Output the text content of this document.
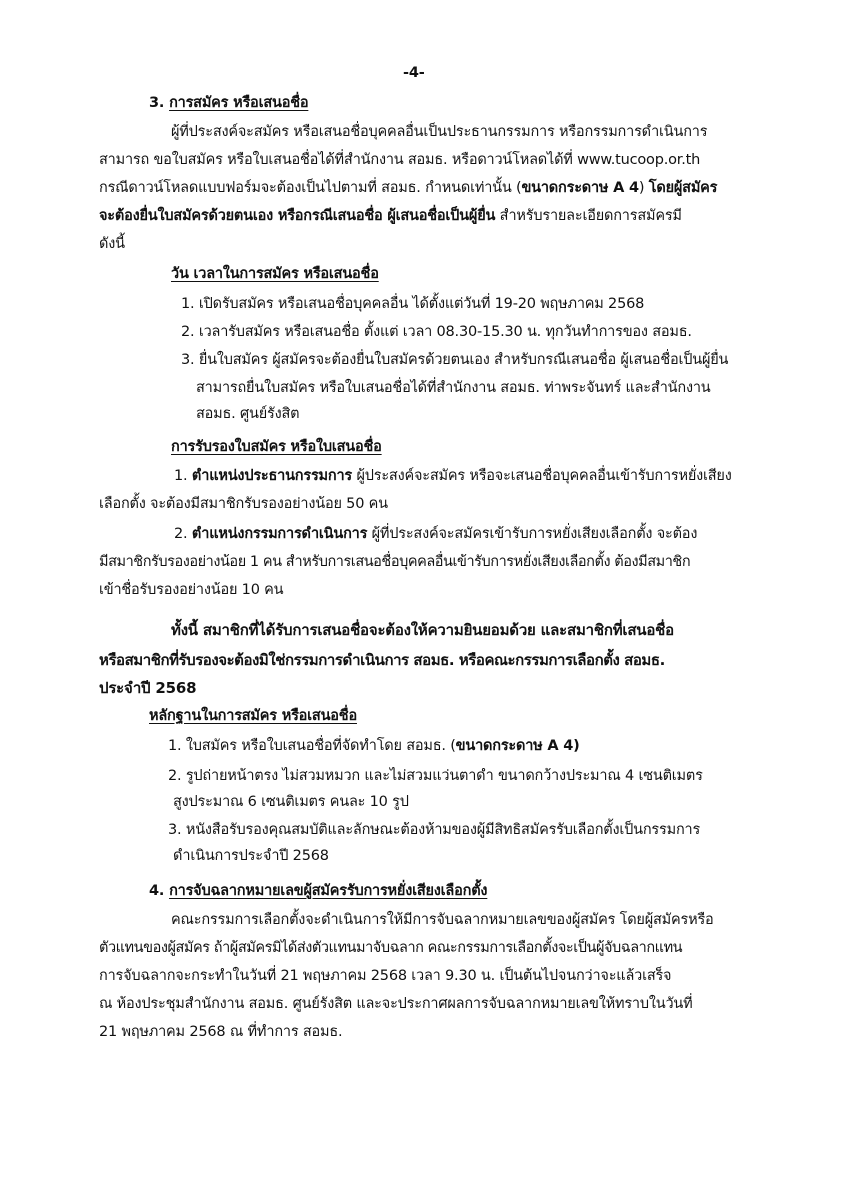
-4-
3. การสมัคร หรือเสนอชื่อ
ผู้ที่ประสงค์จะสมัคร หรือเสนอชื่อบุคคลอื่นเป็นประธานกรรมการ หรือกรรมการดำเนินการ
สามารถ ขอใบสมัคร หรือใบเสนอชื่อได้ที่สำนักงาน สอมธ. หรือดาวน์โหลดได้ที่ www.tucoop.or.th
กรณีดาวน์โหลดแบบฟอร์มจะต้องเป็นไปตามที่ สอมธ. กำหนดเท่านั้น (ขนาดกระดาษ A 4) โดยผู้สมัคร
จะต้องยื่นใบสมัครด้วยตนเอง หรือกรณีเสนอชื่อ ผู้เสนอชื่อเป็นผู้ยื่น สำหรับรายละเอียดการสมัครมี
ดังนี้
วัน เวลาในการสมัคร หรือเสนอชื่อ
1. เปิดรับสมัคร หรือเสนอชื่อบุคคลอื่น ได้ตั้งแต่วันที่ 19-20 พฤษภาคม 2568
2. เวลารับสมัคร หรือเสนอชื่อ ตั้งแต่ เวลา 08.30-15.30 น. ทุกวันทำการของ สอมธ.
3. ยื่นใบสมัคร ผู้สมัครจะต้องยื่นใบสมัครด้วยตนเอง สำหรับกรณีเสนอชื่อ ผู้เสนอชื่อเป็นผู้ยื่น
สามารถยื่นใบสมัคร หรือใบเสนอชื่อได้ที่สำนักงาน สอมธ. ท่าพระจันทร์ และสำนักงาน
สอมธ. ศูนย์รังสิต
การรับรองใบสมัคร หรือใบเสนอชื่อ
1. ตำแหน่งประธานกรรมการ ผู้ประสงค์จะสมัคร หรือจะเสนอชื่อบุคคลอื่นเข้ารับการหยั่งเสียง
เลือกตั้ง จะต้องมีสมาชิกรับรองอย่างน้อย 50 คน
2. ตำแหน่งกรรมการดำเนินการ ผู้ที่ประสงค์จะสมัครเข้ารับการหยั่งเสียงเลือกตั้ง จะต้อง
มีสมาชิกรับรองอย่างน้อย 1 คน สำหรับการเสนอชื่อบุคคลอื่นเข้ารับการหยั่งเสียงเลือกตั้ง ต้องมีสมาชิก
เข้าชื่อรับรองอย่างน้อย 10 คน
ทั้งนี้ สมาชิกที่ได้รับการเสนอชื่อจะต้องให้ความยินยอมด้วย และสมาชิกที่เสนอชื่อ
หรือสมาชิกที่รับรองจะต้องมิใช่กรรมการดำเนินการ สอมธ. หรือคณะกรรมการเลือกตั้ง สอมธ.
ประจำปี 2568
หลักฐานในการสมัคร หรือเสนอชื่อ
1. ใบสมัคร หรือใบเสนอชื่อที่จัดทำโดย สอมธ. (ขนาดกระดาษ A 4)
2. รูปถ่ายหน้าตรง ไม่สวมหมวก และไม่สวมแว่นตาดำ ขนาดกว้างประมาณ 4 เซนติเมตร
สูงประมาณ 6 เซนติเมตร คนละ 10 รูป
3. หนังสือรับรองคุณสมบัติและลักษณะต้องห้ามของผู้มีสิทธิสมัครรับเลือกตั้งเป็นกรรมการ
ดำเนินการประจำปี 2568
4. การจับฉลากหมายเลขผู้สมัครรับการหยั่งเสียงเลือกตั้ง
คณะกรรมการเลือกตั้งจะดำเนินการให้มีการจับฉลากหมายเลขของผู้สมัคร โดยผู้สมัครหรือ
ตัวแทนของผู้สมัคร ถ้าผู้สมัครมิได้ส่งตัวแทนมาจับฉลาก คณะกรรมการเลือกตั้งจะเป็นผู้จับฉลากแทน
การจับฉลากจะกระทำในวันที่ 21 พฤษภาคม 2568 เวลา 9.30 น. เป็นต้นไปจนกว่าจะแล้วเสร็จ
ณ ห้องประชุมสำนักงาน สอมธ. ศูนย์รังสิต และจะประกาศผลการจับฉลากหมายเลขให้ทราบในวันที่
21 พฤษภาคม 2568 ณ ที่ทำการ สอมธ.
